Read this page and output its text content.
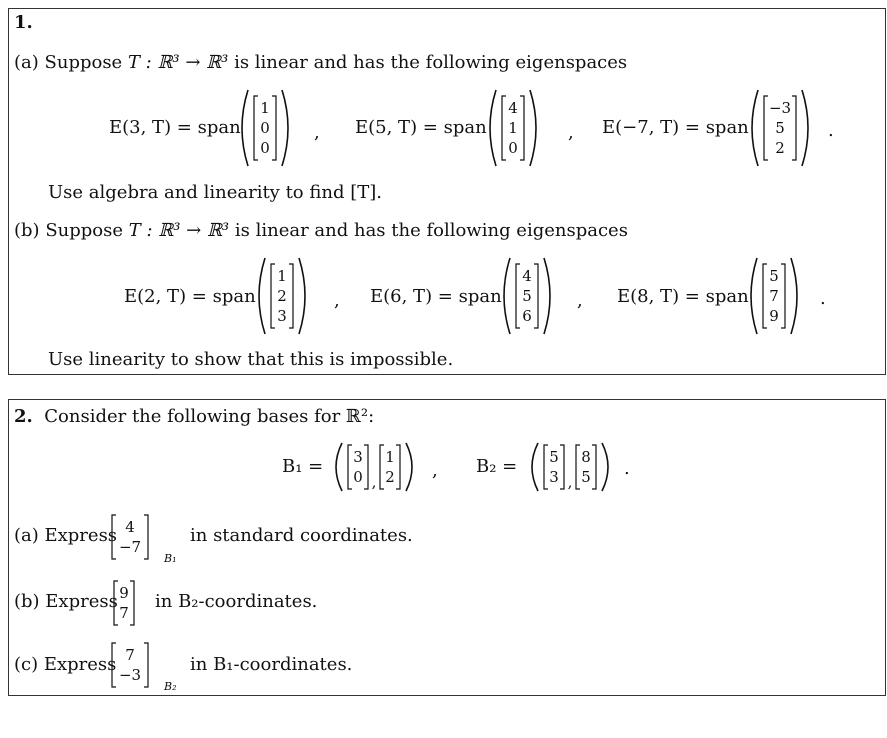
1.
(a) Suppose T : ℝ³ → ℝ³ is linear and has the following eigenspaces
E(3, T) = span
1
0
0
, E(5, T) = span
4
1
0
, E(−7, T) = span
−3
5
2
.
Use algebra and linearity to find [T].
(b) Suppose T : ℝ³ → ℝ³ is linear and has the following eigenspaces
E(2, T) = span
1
2
3
, E(6, T) = span
4
5
6
, E(8, T) = span
5
7
9
.
Use linearity to show that this is impossible.
2. Consider the following bases for ℝ²:
B₁ =	3
0 ,
1
2 , B₂ =	5
3 ,
8
5 .
(a) Express 4
−7
B₁
in standard coordinates.
(b) Express 9
7
in B₂-coordinates.
(c) Express 7
−3
B₂
in B₁-coordinates.
